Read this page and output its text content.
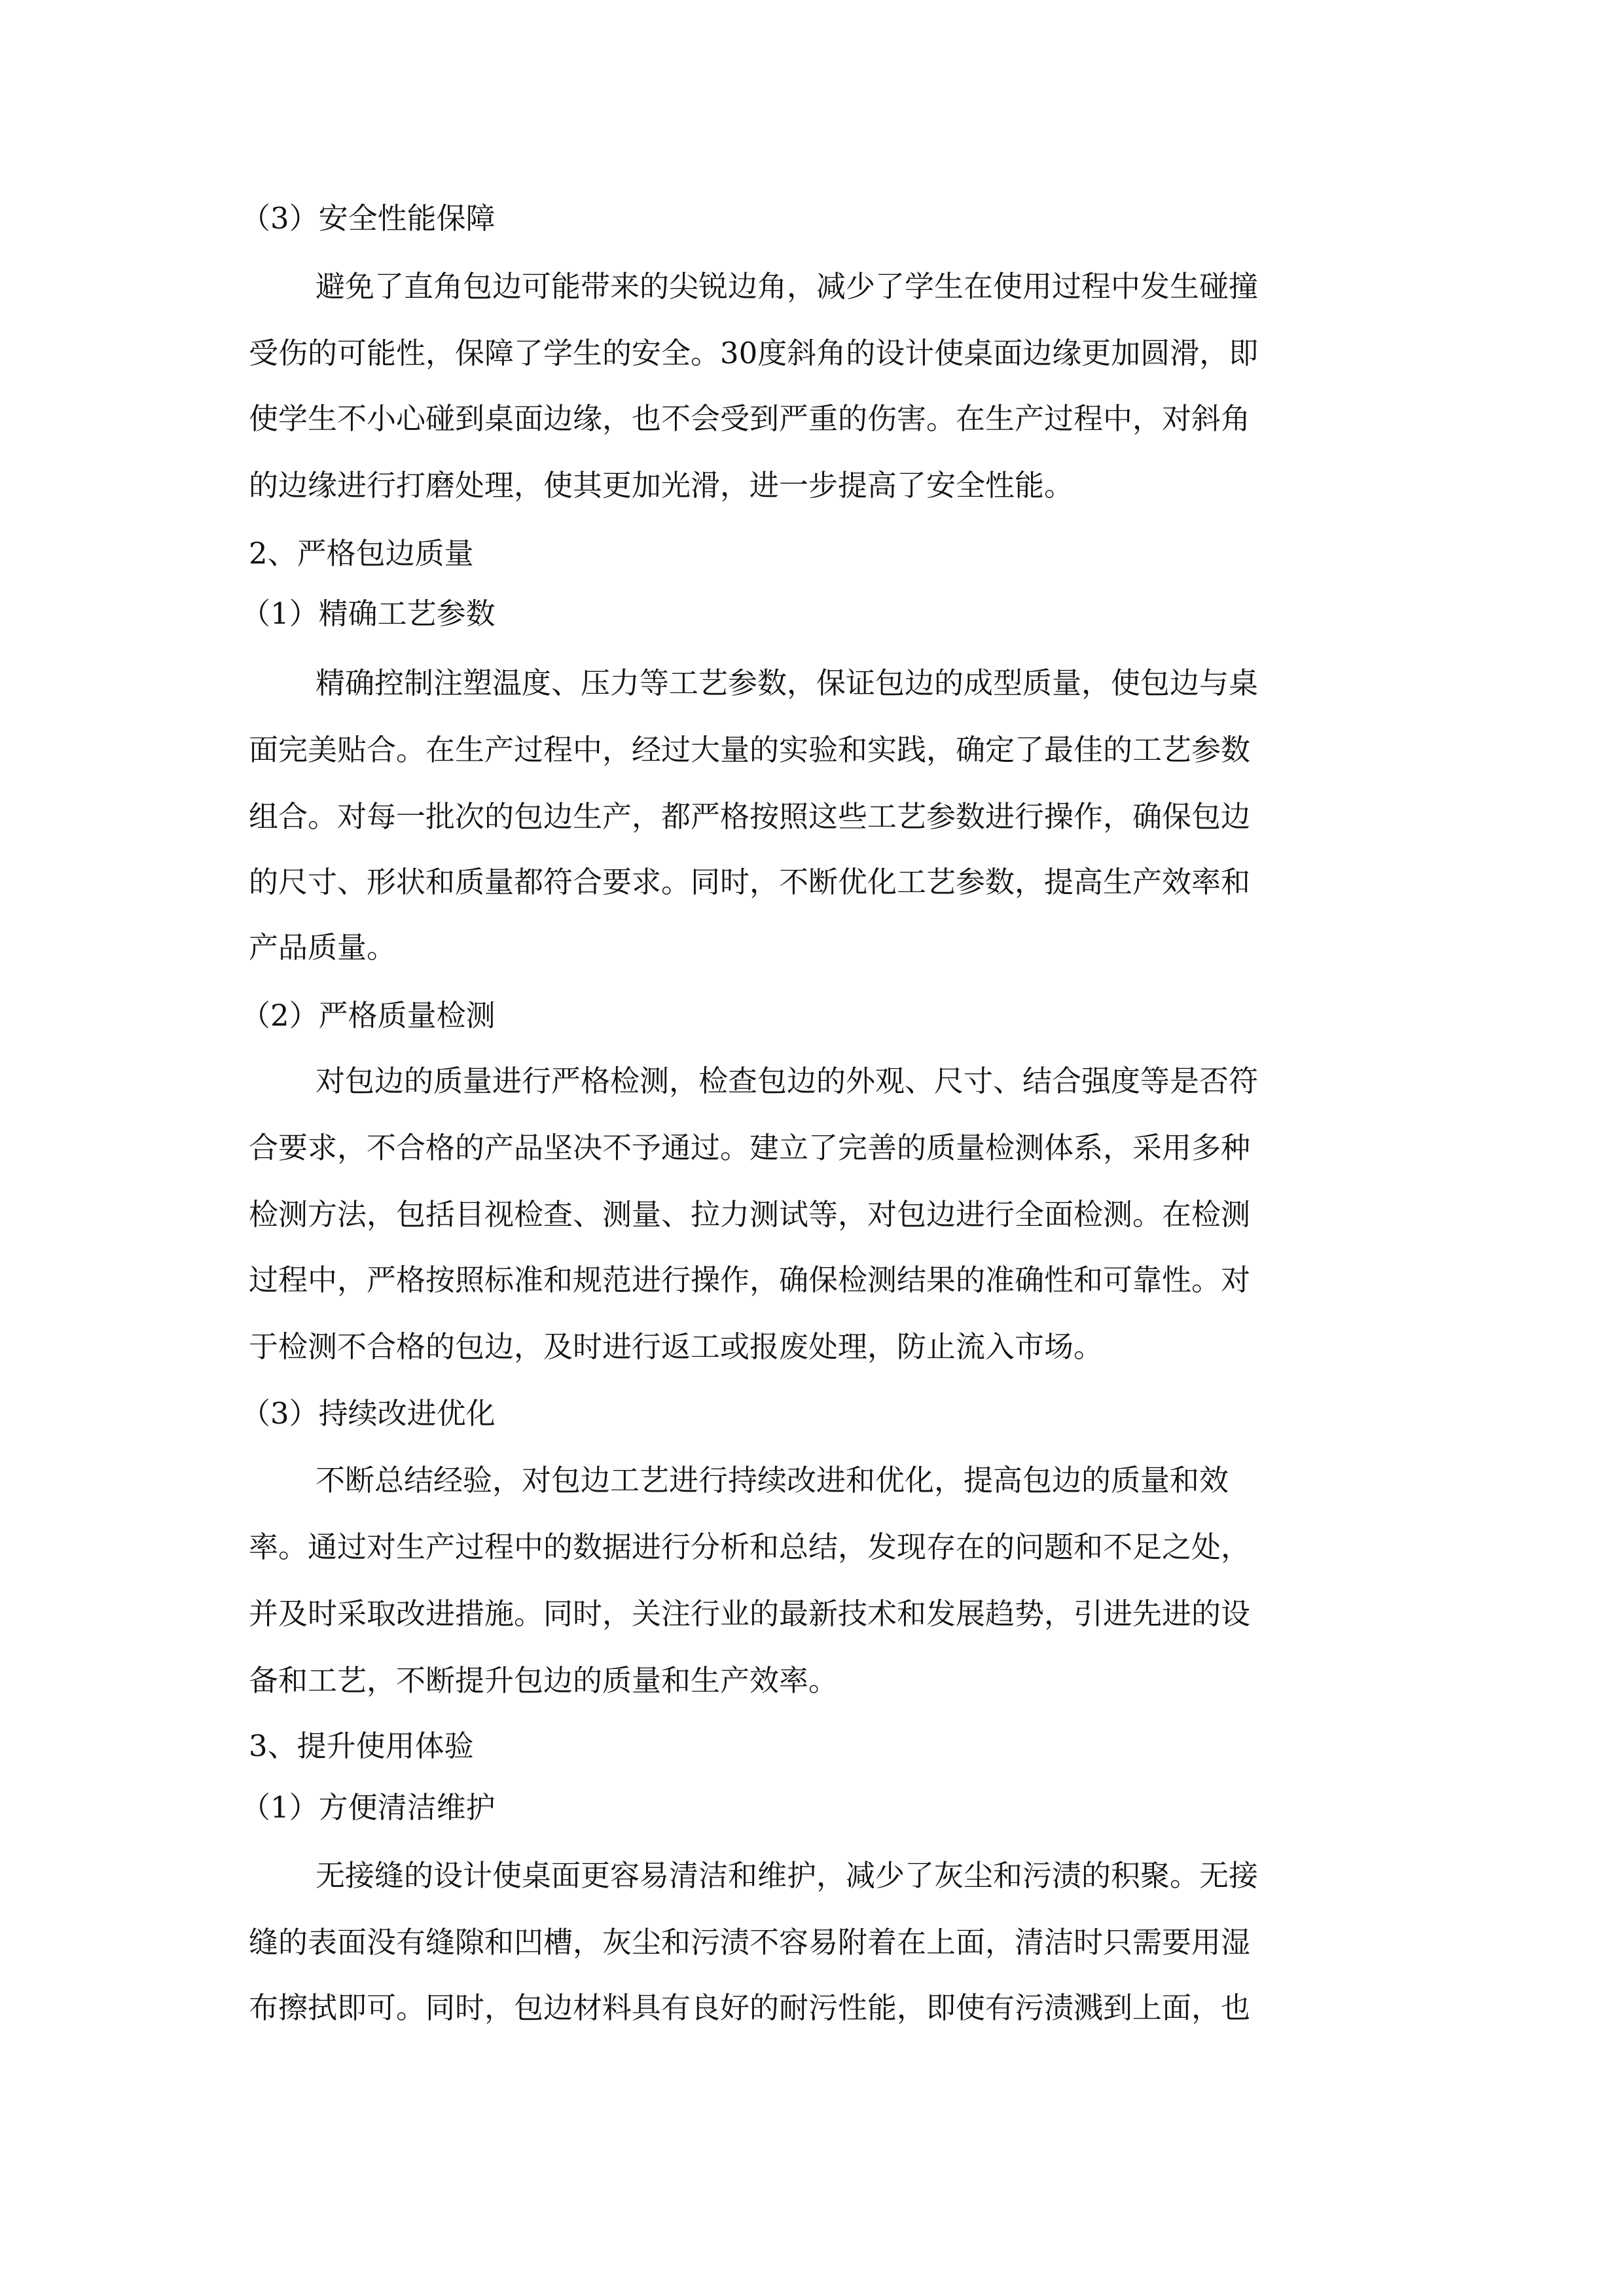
（3）安全性能保障

避免了直角包边可能带来的尖锐边角，减少了学生在使用过程中发生碰撞

受伤的可能性，保障了学生的安全。30度斜角的设计使桌面边缘更加圆滑，即

使学生不小心碰到桌面边缘，也不会受到严重的伤害。在生产过程中，对斜角

的边缘进行打磨处理，使其更加光滑，进一步提高了安全性能。

2、严格包边质量

（1）精确工艺参数

精确控制注塑温度、压力等工艺参数，保证包边的成型质量，使包边与桌

面完美贴合。在生产过程中，经过大量的实验和实践，确定了最佳的工艺参数

组合。对每一批次的包边生产，都严格按照这些工艺参数进行操作，确保包边

的尺寸、形状和质量都符合要求。同时，不断优化工艺参数，提高生产效率和

产品质量。

（2）严格质量检测

对包边的质量进行严格检测，检查包边的外观、尺寸、结合强度等是否符

合要求，不合格的产品坚决不予通过。建立了完善的质量检测体系，采用多种

检测方法，包括目视检查、测量、拉力测试等，对包边进行全面检测。在检测

过程中，严格按照标准和规范进行操作，确保检测结果的准确性和可靠性。对

于检测不合格的包边，及时进行返工或报废处理，防止流入市场。

（3）持续改进优化

不断总结经验，对包边工艺进行持续改进和优化，提高包边的质量和效

率。通过对生产过程中的数据进行分析和总结，发现存在的问题和不足之处，

并及时采取改进措施。同时，关注行业的最新技术和发展趋势，引进先进的设

备和工艺，不断提升包边的质量和生产效率。

3、提升使用体验

（1）方便清洁维护

无接缝的设计使桌面更容易清洁和维护，减少了灰尘和污渍的积聚。无接

缝的表面没有缝隙和凹槽，灰尘和污渍不容易附着在上面，清洁时只需要用湿

布擦拭即可。同时，包边材料具有良好的耐污性能，即使有污渍溅到上面，也
